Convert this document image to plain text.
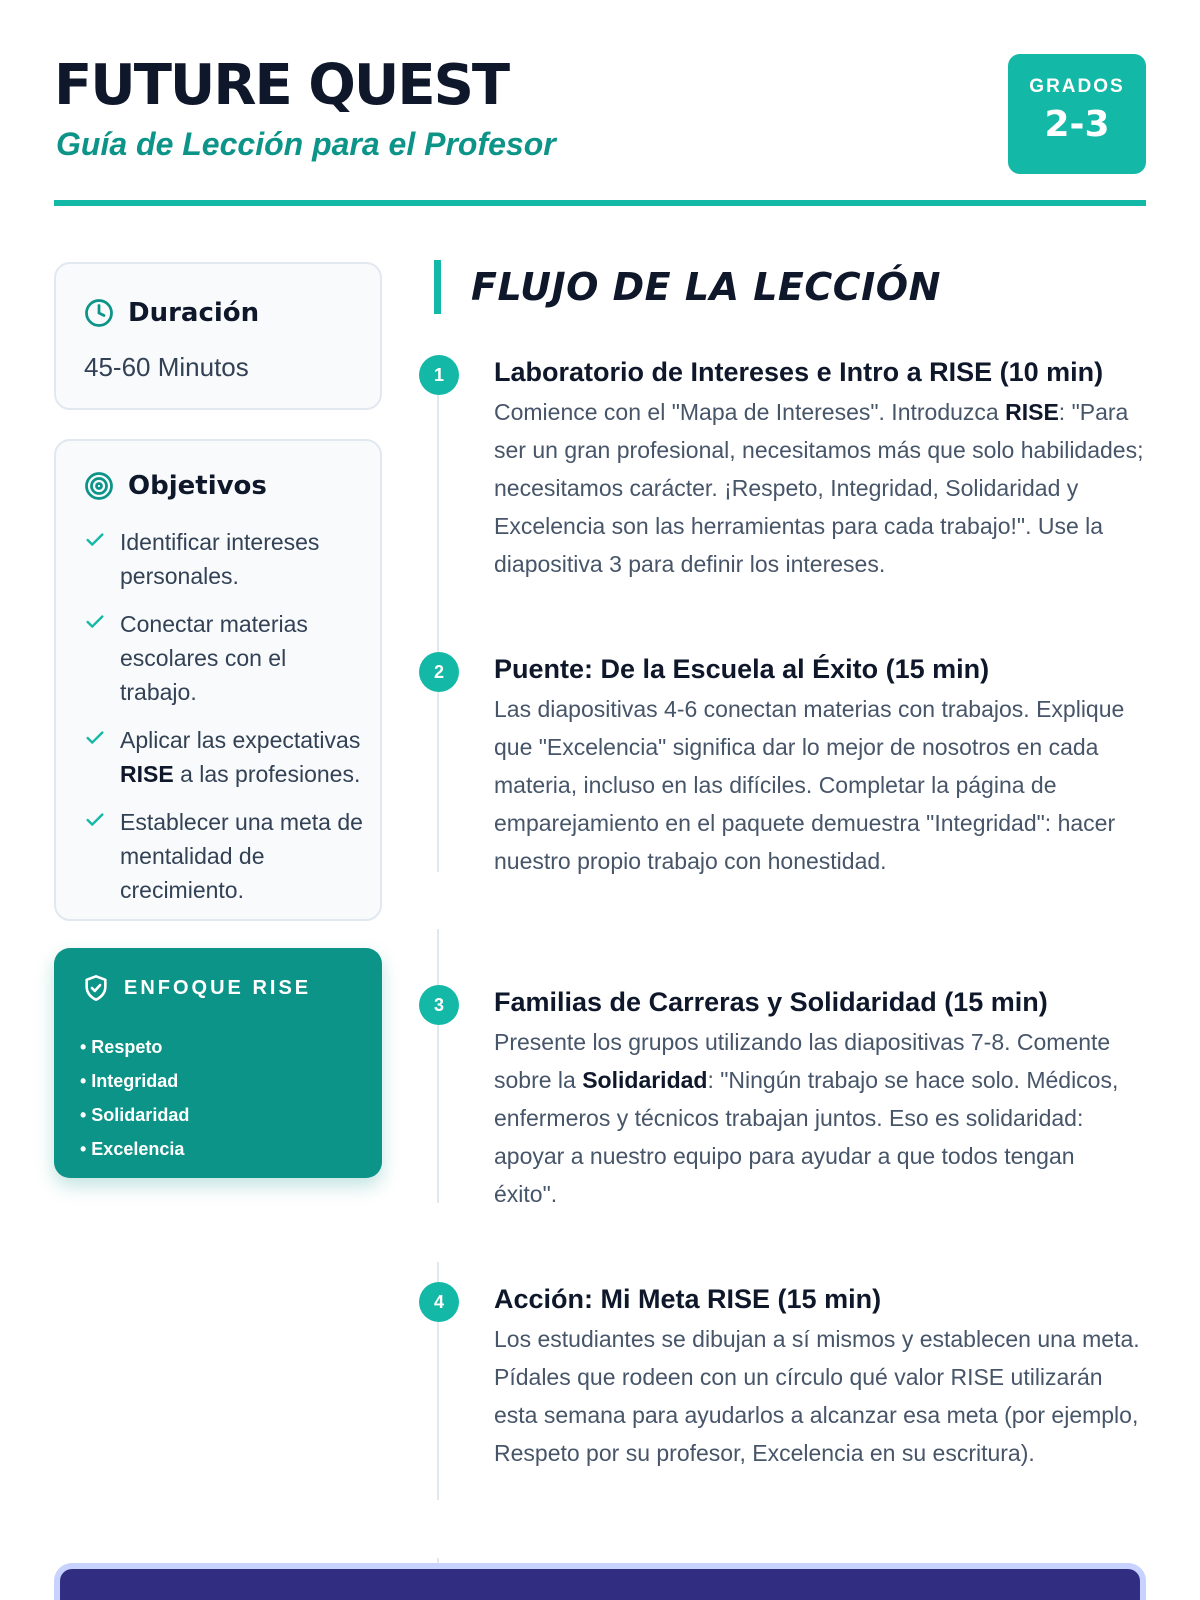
FUTURE QUEST
Guía de Lección para el Profesor
GRADOS
2-3
Duración
45-60 Minutos
Objetivos
Identificar intereses personales.
Conectar materias escolares con el trabajo.
Aplicar las expectativas RISE a las profesiones.
Establecer una meta de mentalidad de crecimiento.
ENFOQUE RISE
• Respeto
• Integridad
• Solidaridad
• Excelencia
FLUJO DE LA LECCIÓN
1	Laboratorio de Intereses e Intro a RISE (10 min)
Comience con el "Mapa de Intereses". Introduzca RISE: "Para ser un gran profesional, necesitamos más que solo habilidades; necesitamos carácter. ¡Respeto, Integridad, Solidaridad y Excelencia son las herramientas para cada trabajo!". Use la diapositiva 3 para definir los intereses.
2	Puente: De la Escuela al Éxito (15 min)
Las diapositivas 4-6 conectan materias con trabajos. Explique que "Excelencia" significa dar lo mejor de nosotros en cada materia, incluso en las difíciles. Completar la página de emparejamiento en el paquete demuestra "Integridad": hacer nuestro propio trabajo con honestidad.
3	Familias de Carreras y Solidaridad (15 min)
Presente los grupos utilizando las diapositivas 7-8. Comente sobre la Solidaridad: "Ningún trabajo se hace solo. Médicos, enfermeros y técnicos trabajan juntos. Eso es solidaridad: apoyar a nuestro equipo para ayudar a que todos tengan éxito".
4	Acción: Mi Meta RISE (15 min)
Los estudiantes se dibujan a sí mismos y establecen una meta. Pídales que rodeen con un círculo qué valor RISE utilizarán esta semana para ayudarlos a alcanzar esa meta (por ejemplo, Respeto por su profesor, Excelencia en su escritura).
